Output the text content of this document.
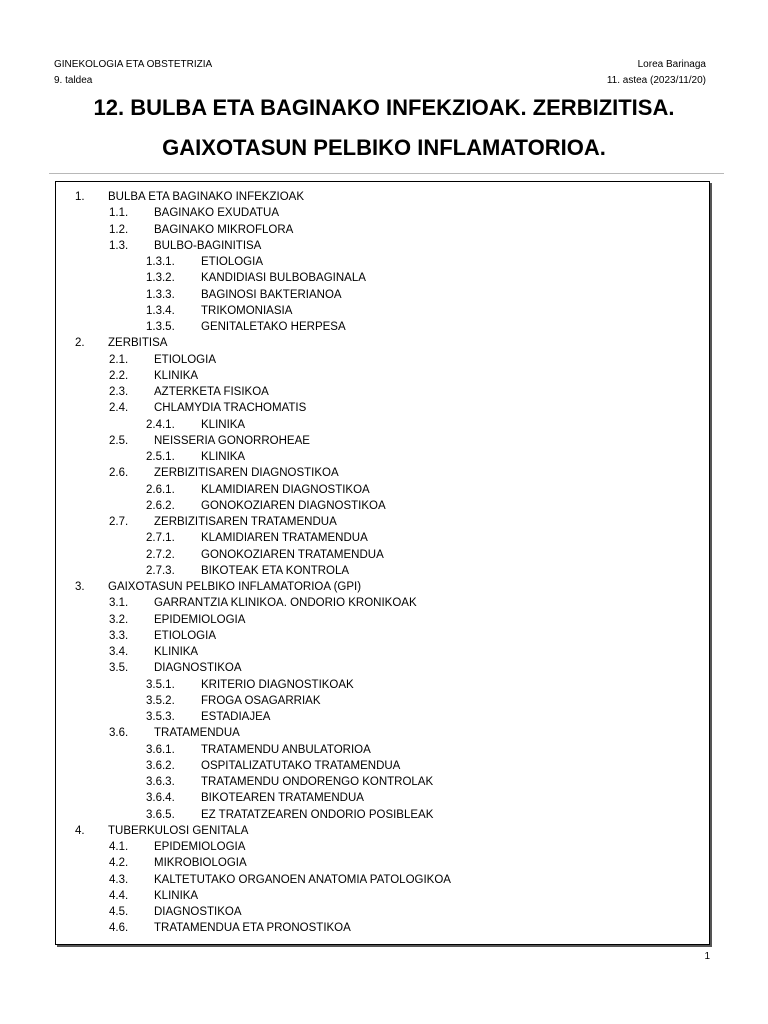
GINEKOLOGIA ETA OBSTETRIZIA	Lorea Barinaga
9. taldea	11. astea (2023/11/20)
12. BULBA ETA BAGINAKO INFEKZIOAK. ZERBIZITISA.
GAIXOTASUN PELBIKO INFLAMATORIOA.
1. BULBA ETA BAGINAKO INFEKZIOAK
1.1. BAGINAKO EXUDATUA
1.2. BAGINAKO MIKROFLORA
1.3. BULBO-BAGINITISA
1.3.1. ETIOLOGIA
1.3.2. KANDIDIASI BULBOBAGINALA
1.3.3. BAGINOSI BAKTERIANOA
1.3.4. TRIKOMONIASIA
1.3.5. GENITALETAKO HERPESA
2. ZERBITISA
2.1. ETIOLOGIA
2.2. KLINIKA
2.3. AZTERKETA FISIKOA
2.4. CHLAMYDIA TRACHOMATIS
2.4.1. KLINIKA
2.5. NEISSERIA GONORROHEAE
2.5.1. KLINIKA
2.6. ZERBIZITISAREN DIAGNOSTIKOA
2.6.1. KLAMIDIAREN DIAGNOSTIKOA
2.6.2. GONOKOZIAREN DIAGNOSTIKOA
2.7. ZERBIZITISAREN TRATAMENDUA
2.7.1. KLAMIDIAREN TRATAMENDUA
2.7.2. GONOKOZIAREN TRATAMENDUA
2.7.3. BIKOTEAK ETA KONTROLA
3. GAIXOTASUN PELBIKO INFLAMATORIOA (GPI)
3.1. GARRANTZIA KLINIKOA. ONDORIO KRONIKOAK
3.2. EPIDEMIOLOGIA
3.3. ETIOLOGIA
3.4. KLINIKA
3.5. DIAGNOSTIKOA
3.5.1. KRITERIO DIAGNOSTIKOAK
3.5.2. FROGA OSAGARRIAK
3.5.3. ESTADIAJEA
3.6. TRATAMENDUA
3.6.1. TRATAMENDU ANBULATORIOA
3.6.2. OSPITALIZATUTAKO TRATAMENDUA
3.6.3. TRATAMENDU ONDORENGO KONTROLAK
3.6.4. BIKOTEAREN TRATAMENDUA
3.6.5. EZ TRATATZEAREN ONDORIO POSIBLEAK
4. TUBERKULOSI GENITALA
4.1. EPIDEMIOLOGIA
4.2. MIKROBIOLOGIA
4.3. KALTETUTAKO ORGANOEN ANATOMIA PATOLOGIKOA
4.4. KLINIKA
4.5. DIAGNOSTIKOA
4.6. TRATAMENDUA ETA PRONOSTIKOA
1
